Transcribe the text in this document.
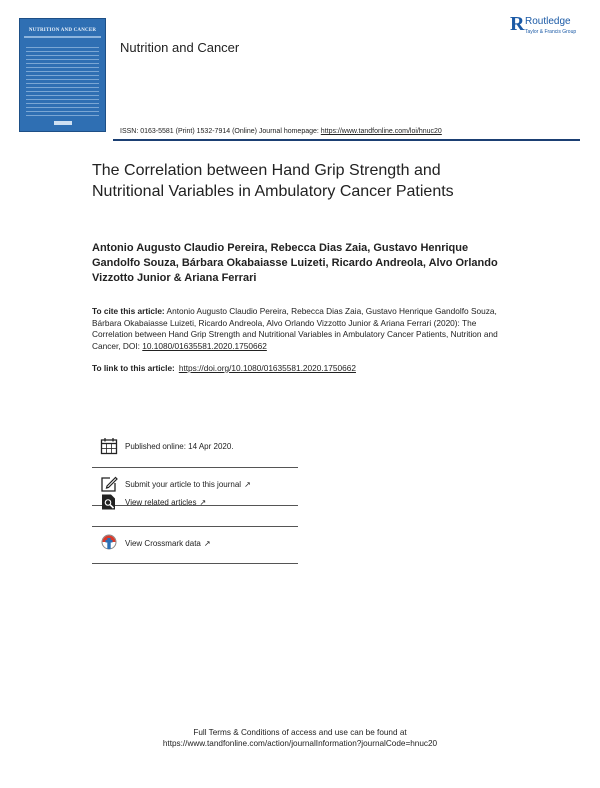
NUTRITION AND CANCER
Nutrition and Cancer
R Routledge
Taylor & Francis Group
ISSN: 0163-5581 (Print) 1532-7914 (Online) Journal homepage: https://www.tandfonline.com/loi/hnuc20
The Correlation between Hand Grip Strength and Nutritional Variables in Ambulatory Cancer Patients
Antonio Augusto Claudio Pereira, Rebecca Dias Zaia, Gustavo Henrique Gandolfo Souza, Bárbara Okabaiasse Luizeti, Ricardo Andreola, Alvo Orlando Vizzotto Junior & Ariana Ferrari
To cite this article: Antonio Augusto Claudio Pereira, Rebecca Dias Zaia, Gustavo Henrique Gandolfo Souza, Bárbara Okabaiasse Luizeti, Ricardo Andreola, Alvo Orlando Vizzotto Junior & Ariana Ferrari (2020): The Correlation between Hand Grip Strength and Nutritional Variables in Ambulatory Cancer Patients, Nutrition and Cancer, DOI: 10.1080/01635581.2020.1750662
To link to this article: https://doi.org/10.1080/01635581.2020.1750662
Published online: 14 Apr 2020.
Submit your article to this journal ↗
View related articles ↗
View Crossmark data ↗
Full Terms & Conditions of access and use can be found at
https://www.tandfonline.com/action/journalInformation?journalCode=hnuc20
